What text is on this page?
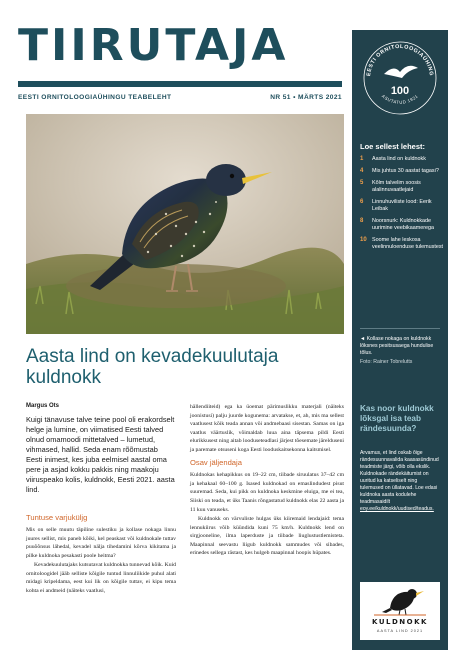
TIIRUTAJA
EESTI ORNITOLOOGIAÜHINGU TEABELEHT	NR 51 • MÄRTS 2021
EESTI ORNITOLOOGIAÜHING
100
ASUTATUD 1921
Loe sellest lehest:
1	Aasta lind on kuldnokk
4	Mis juhtus 30 aastat tagasi?
5	Kõlm talvelim soosis alalinnuvaatlejaid
6	Linnuhuviliste lood: Eerik Leibak
8	Noorsnurk: Kuldnokkade uurimine veebikaamerega
10 Soome lahe leskosa veelinnuloenduse tulemustest
◄ Kollase nokaga on kuldnokk lõksnes pesitsusaega hundulise tõlus.
Foto: Rainer Tobrelutts
Kas noor kuldnokk lõksgal isa teab rändesuunda?
Arvamus, et lind oskab õige rändesuunnavalida kaasasündinud teadmiste järgi, võib olla ekslik. Kuldnokade rändekäitumist on uuritud ka katseliselt ning tulemused on üllatavad. Loe edasi kuldnoka aasta kodulehe teadmasaidilt eoy.ee/kuldnokk/uudised/teadus.
KULDNOKK
AASTA LIND 2021
Aasta lind on kevadekuulutaja kuldnokk
Margus Ots
Kuigi tänavuse talve teine pool oli erakordselt helge ja lumine, on viimatised Eesti talved olnud omamoodi mittetalved – lumetud, vihmased, hallid. Seda enam rõõmustab Eesti inimest, kes juba eelmisel aastal oma pere ja asjad kokku pakkis ning maakoju viiruspeako kolis, kuldnokk, Eesti 2021. aasta lind.
Tuntuse varjuküljg

Mis on selle muutu täpiline sulestiku ja kollase nokaga linnu juures sellist, mis paneb kõiki, kel peaskast või kuldnokale tuttav puuõõnsus lähedal, kevadel nälja tihedamini kõrva kikitama ja pilke kuldnoka pesakasti poole heitma?

Kevadekuulutajaks kutsutavat kuldnokka tunnevad kõik. Kuid ornitoloogidel jääb selliste kõigile tuntud linnuliikide puhul alati midagi kripeldama, eest kui lik on kõigile tuttav, ei kipu tema kohta ei andmeid (näiteks vaatlusi,

hällendiiteid) ega ka üoemat pärimuslikku materjali (näiteks joonistusi) palju juurde kogunema: arvatakse, et, ah, mis ma sellest vaatlusest kõik teada annan või andmebaasi sisestan. Samas on iga vaatlus väärtuslik, võimaldab luua aina täpsema pildi Eesti elurikkusest ning aitab looduseteadlasi järjest tõesemate järelduseni ja paremate otsuseni koga Eesti looduskaitsekonna kaitsmisel.

Osav jäljendaja

Kuldnokas kehapikkus on 19–22 cm, tiibade siruulatus 37–42 cm ja kehakaal 60–100 g. Isased kuldnokad on emaslindudest pisut suuremad. Seda, kui pikk on kuldnoka keskmine eluiga, me ei tea, Siiski on teada, et üks Taanis rõngastatud kuldnokk elas 22 aasta ja 11 kuu vanuseks.

Kuldnokk on värvuliste hulgas üks kiiremaid lendajaid: tema lennukiirus võib küündida kuni 75 km/h. Kuldnokk lend on sirgjooneline, ilma laperduste ja tiibade liuglustustlemisteta. Maapinnal seevastu liigub kuldnokk sammudes või sibades, erinedes sellega rästast, kes hulgeb maapinnal hoopis hüpates.
